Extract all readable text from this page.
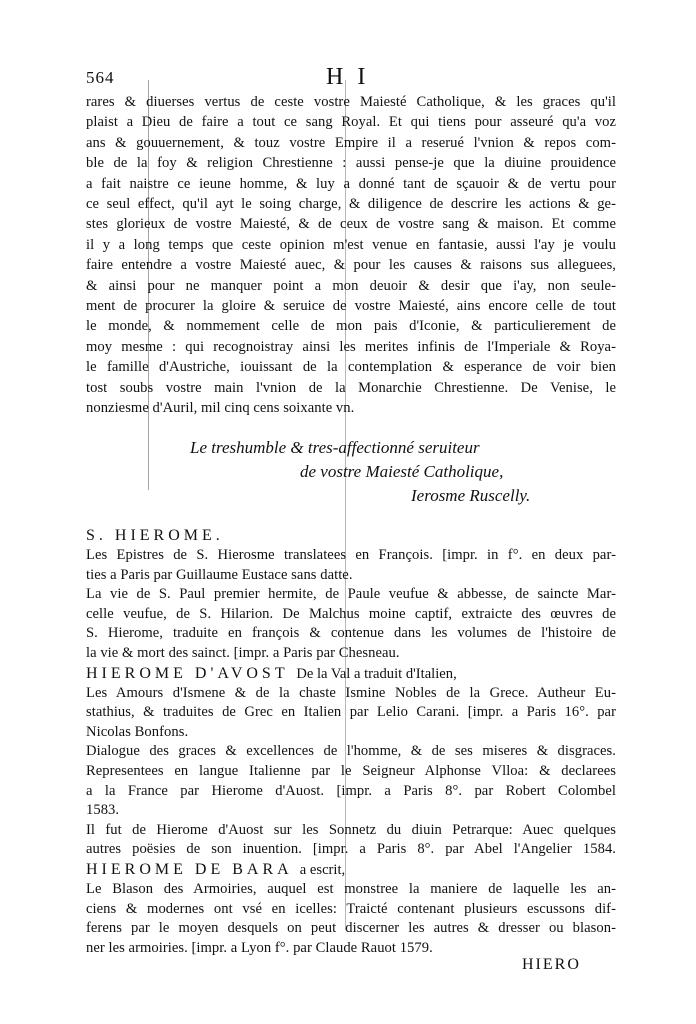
564	H I
rares & diuerses vertus de ceste vostre Maiesté Catholique, & les graces qu'il
plaist a Dieu de faire a tout ce sang Royal. Et qui tiens pour asseuré qu'a voz
ans & gouuernement, & touz vostre Empire il a reserué l'vnion & repos com-
ble de la foy & religion Chrestienne : aussi pense-je que la diuine prouidence
a fait naistre ce ieune homme, & luy a donné tant de sçauoir & de vertu pour
ce seul effect, qu'il ayt le soing charge, & diligence de descrire les actions & ge-
stes glorieux de vostre Maiesté, & de ceux de vostre sang & maison. Et comme
il y a long temps que ceste opinion m'est venue en fantasie, aussi l'ay je voulu
faire entendre a vostre Maiesté auec, & pour les causes & raisons sus alleguees,
& ainsi pour ne manquer point a mon deuoir & desir que i'ay, non seule-
ment de procurer la gloire & seruice de vostre Maiesté, ains encore celle de tout
le monde, & nommement celle de mon pais d'Iconie, & particulierement de
moy mesme : qui recognoistray ainsi les merites infinis de l'Imperiale & Roya-
le famille d'Austriche, iouissant de la contemplation & esperance de voir bien
tost soubs vostre main l'vnion de la Monarchie Chrestienne. De Venise, le
nonziesme d'Auril, mil cinq cens soixante vn.
Le treshumble & tres-affectionné seruiteur
de vostre Maiesté Catholique,
Ierosme Ruscelly.
S. HIEROME.
Les Epistres de S. Hierosme translatees en François. [impr. in f°. en deux par-
ties a Paris par Guillaume Eustace sans datte.
La vie de S. Paul premier hermite, de Paule veufue & abbesse, de saincte Mar-
celle veufue, de S. Hilarion. De Malchus moine captif, extraicte des œuvres de
S. Hierome, traduite en françois & contenue dans les volumes de l'histoire de
la vie & mort des sainct. [impr. a Paris par Chesneau.
HIEROME D'AVOST De la Val a traduit d'Italien,
Les Amours d'Ismene & de la chaste Ismine Nobles de la Grece. Autheur Eu-
stathius, & traduites de Grec en Italien par Lelio Carani. [impr. a Paris 16°. par
Nicolas Bonfons.
Dialogue des graces & excellences de l'homme, & de ses miseres & disgraces.
Representees en langue Italienne par le Seigneur Alphonse Vlloa: & declarees
a la France par Hierome d'Auost. [impr. a Paris 8°. par Robert Colombel
1583.
Il fut de Hierome d'Auost sur les Sonnetz du diuin Petrarque: Auec quelques
autres poësies de son inuention. [impr. a Paris 8°. par Abel l'Angelier 1584.
HIEROME DE BARA a escrit,
Le Blason des Armoiries, auquel est monstree la maniere de laquelle les an-
ciens & modernes ont vsé en icelles: Traicté contenant plusieurs escussons dif-
ferens par le moyen desquels on peut discerner les autres & dresser ou blason-
ner les armoiries. [impr. a Lyon f°. par Claude Rauot 1579.
HIERO
